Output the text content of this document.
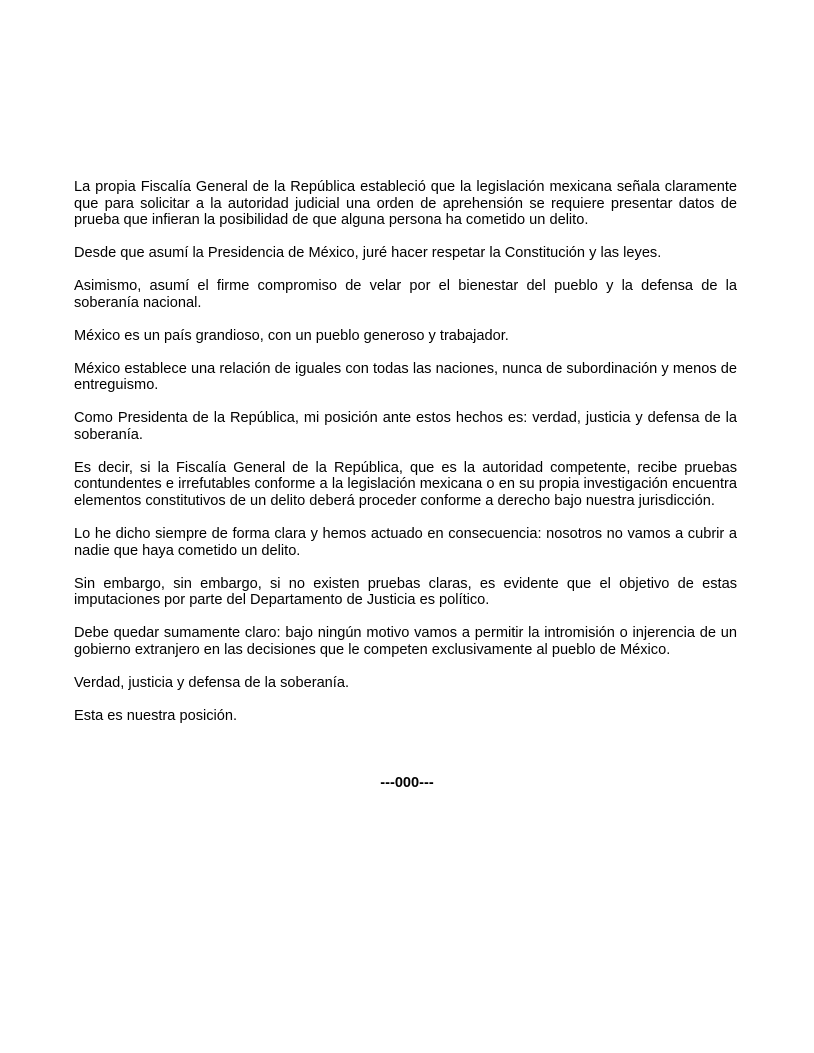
La propia Fiscalía General de la República estableció que la legislación mexicana señala claramente que para solicitar a la autoridad judicial una orden de aprehensión se requiere presentar datos de prueba que infieran la posibilidad de que alguna persona ha cometido un delito.

Desde que asumí la Presidencia de México, juré hacer respetar la Constitución y las leyes.

Asimismo, asumí el firme compromiso de velar por el bienestar del pueblo y la defensa de la soberanía nacional.

México es un país grandioso, con un pueblo generoso y trabajador.

México establece una relación de iguales con todas las naciones, nunca de subordinación y menos de entreguismo.

Como Presidenta de la República, mi posición ante estos hechos es: verdad, justicia y defensa de la soberanía.

Es decir, si la Fiscalía General de la República, que es la autoridad competente, recibe pruebas contundentes e irrefutables conforme a la legislación mexicana o en su propia investigación encuentra elementos constitutivos de un delito deberá proceder conforme a derecho bajo nuestra jurisdicción.

Lo he dicho siempre de forma clara y hemos actuado en consecuencia: nosotros no vamos a cubrir a nadie que haya cometido un delito.

Sin embargo, sin embargo, si no existen pruebas claras, es evidente que el objetivo de estas imputaciones por parte del Departamento de Justicia es político.

Debe quedar sumamente claro: bajo ningún motivo vamos a permitir la intromisión o injerencia de un gobierno extranjero en las decisiones que le competen exclusivamente al pueblo de México.

Verdad, justicia y defensa de la soberanía.

Esta es nuestra posición.

---000---
